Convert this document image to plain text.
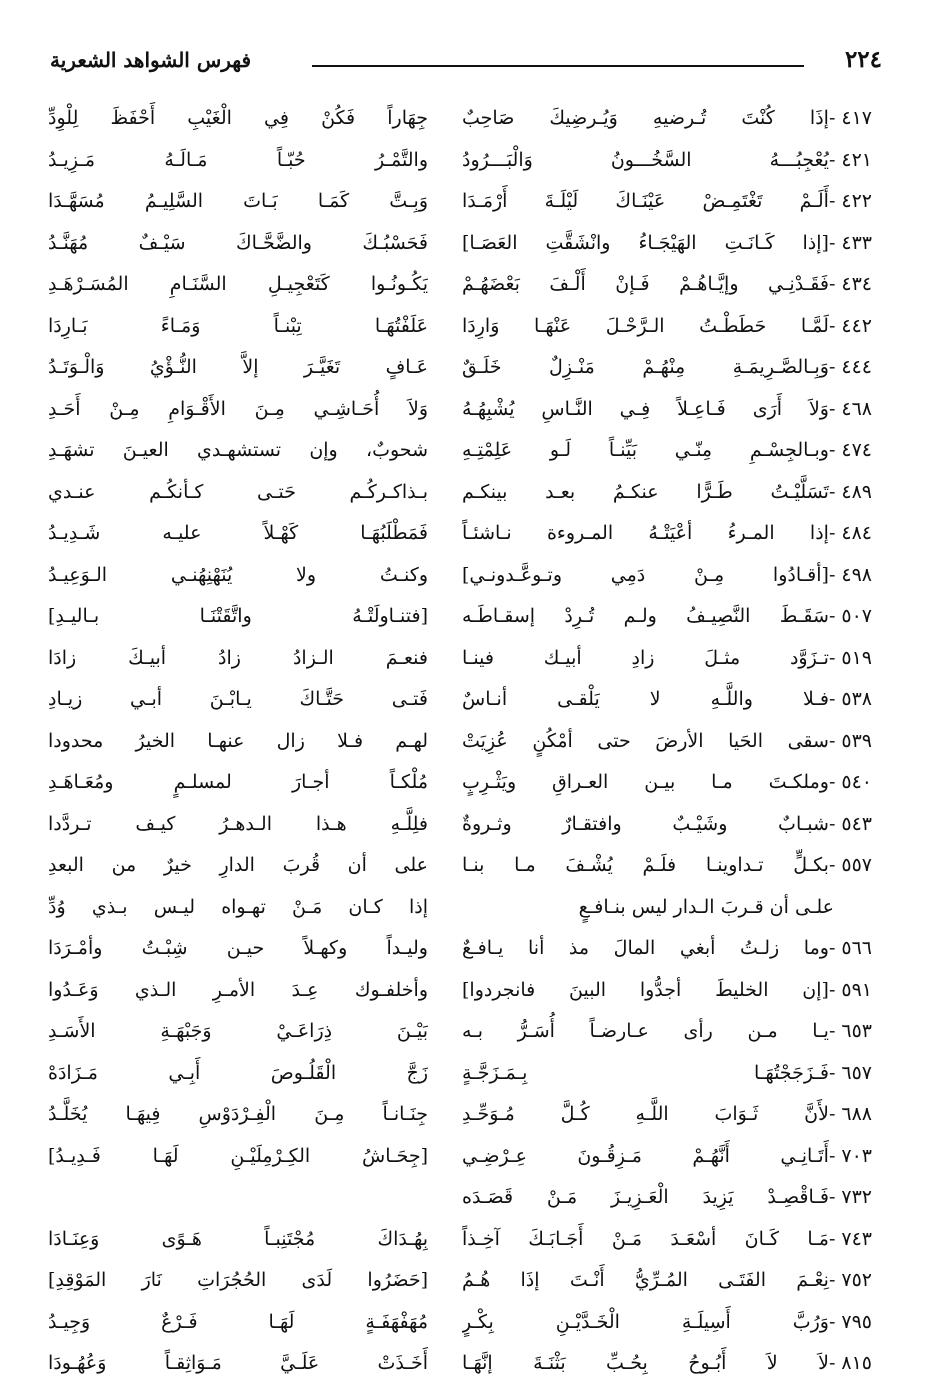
٢٢٤
فهرس الشواهد الشعرية
٤١٧-إذَا كُنْتَ تُـرضيهِ وَيُـرضِيكَ صَاحِبٌ
٤٢١-يُعْجِبُـــهُ السَّخُـــونُ وَالْبَـــرُودُ
٤٢٢-أَلَـمْ تَغْتَمِـضْ عَيْنَـاكَ لَيْلَـةَ أَرْمَـدَا
٤٣٣-[إذا كَـانَـتِ الهَيْجَـاءُ وانْشَقَّتِ العَصَـا]
٤٣٤-فَقَـدْنِـي وإيَّـاهُـمْ فَـإنْ أَلْـفَ بَعْضَهُـمْ
٤٤٢-لَمَّـا حَطَطْـتُ الـرَّحْـلَ عَنْهَـا وَارِدَا
٤٤٤-وَبِـالصَّـرِيمَـةِ مِنْهُـمْ مَنْـزِلٌ خَلَـقٌ
٤٦٨-وَلاَ أَرَى فَـاعِـلاً فِـي النَّـاسِ يُشْبِهُـهُ
٤٧٤-وبـالجِسْـمِ مِنّـي بَيِّنـاً لَـو عَلِمْتِـهِ
٤٨٩-تَسَلَّيْـتُ طَـرًّا عنكـمُ بعـد بينكـم
٤٨٤-إذا المـرءُ أعْيَتْـهُ المـروءة نـاشئـاً
٤٩٨-[أقـادُوا مِـنْ دَمِي وتـوعَّـدونـي]
٥٠٧-سَقَـطَ النَّصِيـفُ ولـم تُـرِدْ إسقـاطَـه
٥١٩-تـزَوَّد مثـلَ زادِ أبيـك فينـا
٥٣٨-فـلا واللَّـهِ لا يَلْقـى أنـاسٌ
٥٣٩-سقى الحَيا الأرضَ حتى أمْكُنٍ عُزِيَتْ
٥٤٠-وملكـتَ مـا بيـن العـراقِ ويَثْـرِبٍ
٥٤٣-شبـابٌ وشَيْـبٌ وافتقـارٌ وثـروةٌ
٥٥٧-بكـلٍّ تـداوينـا فلَـمْ يُشْـفَ مـا بنـا
علـى أن قـربَ الـدار ليس بنـافـعٍ
٥٦٦-وما زلـتُ أبغي المالَ مذ أنا يـافـعٌ
٥٩١-[إن الخليطَ أجدُّوا البينَ فانجردوا]
٦٥٣-يـا مـن رأى عـارضـاً أُسَـرُّ بـه
٦٥٧-فَـزَجَجْتُهَـا بِـمَـزَجَّـةٍ
٦٨٨-لأَنَّ ثَـوَابَ اللَّـهِ كُـلَّ مُـوَحِّـدِ
٧٠٣-أَتَـانِـي أَنَّهُـمْ مَـزِقُـونَ عِـرْضِـي
٧٣٢-فَـاقْصِـدْ يَزِيدَ الْعَـزِيـزَ مَـنْ قَصَـدَه
٧٤٣-مَـا كَـانَ أسْعَـدَ مَـنْ أَجَـابَـكَ آخِـذاً
٧٥٢-نِعْـمَ الفَتَـى المُـرِّيُّ أَنْـتَ إذَا هُـمُ
٧٩٥-وَرُبَّ أَسِيلَـةِ الْخَـدَّيْـنِ بِكْـرٍ
٨١٥-لاَ لاَ أَبُـوحُ بِحُـبِّ بَثْنَـةَ إنَّهَـا
جِهَاراً فَكُنْ فِي الْغَيْبِ أَحْفَظَ لِلْوِدِّ
والتَّمْـرُ حُبّـاً مَـالَـهُ مَـزِيـدُ
وَبِـتَّ كَمَـا بَـاتَ السَّلِيـمُ مُسَهَّـدَا
فَحَسْبُـكَ والضَّحَّـاكَ سَيْـفٌ مُهَنَّـدُ
يَكُـونُـوا كَتَعْجِيـلِ السَّنَـامِ المُسَـرْهَـدِ
عَلَفْتُهَـا تِبْنـاً وَمَـاءً بَـارِدَا
عَـافٍ تَغَيَّـرَ إلاَّ النُّـؤْيُ وَالْـوَتَـدُ
وَلاَ أُحَـاشِـي مِـنَ الأَقْـوَامِ مِـنْ أَحَـدِ
شحوبٌ، وإن تستشهـدي العيـنَ تشهَـدِ
بـذاكـركُـم حَتـى كـأنكُـم عنـدي
فَمَطْلَبُهَـا كَهْـلاً عليـه شَـدِيـدُ
وكنـتُ ولا يُنَهْنِهُنـي الـوَعِيـدُ
[فتنـاولَتْـهُ واتَّقَتْنَـا بـاليـدِ]
فنعـمَ الـزادُ زادُ أبيـكَ زادَا
فَتـى حَتَّـاكَ يـابْـنَ أبـي زيـادِ
لهـم فـلا زال عنهـا الخيرُ محدودا
مُلْكـاً أجـارَ لمسلـمٍ ومُعَـاهَـدِ
فلِلَّـهِ هـذا الـدهـرُ كيـف تـردَّدا
على أن قُربَ الدارِ خيرٌ من البعدِ
إذا كـان مَـنْ تهـواه ليـس بـذي وُدِّ
وليـداً وكهـلاً حيـن شِبْـتُ وأمْـرَدَا
وأخلفـوك عِـدَ الأمـرِ الـذي وَعَـدُوا
بَيْـنَ ذِرَاعَـيْ وَجَبْهَـةِ الأَسَـدِ
زَجَّ الْقَلُـوصَ أَبِـي مَـزَادَهْ
جِنَـانـاً مِـنَ الْفِـرْدَوْسِ فِيهَـا يُخَلَّـدُ
[جِحَـاشُ الكِـرْمِلَيْـنِ لَهَـا فَـدِيـدُ]
بِهُـدَاكَ مُجْتَنِبـاً هَـوًى وَعِنَـادَا
[حَضَرُوا لَدَى الحُجُرَاتِ نَارَ المَوْقِدِ]
مُهَفْهَفَـةٍ لَهَـا فَـرْعٌ وَجِيـدُ
أَخَـذَتْ عَلَـيَّ مَـوَاثِقـاً وَعُهُـودَا
